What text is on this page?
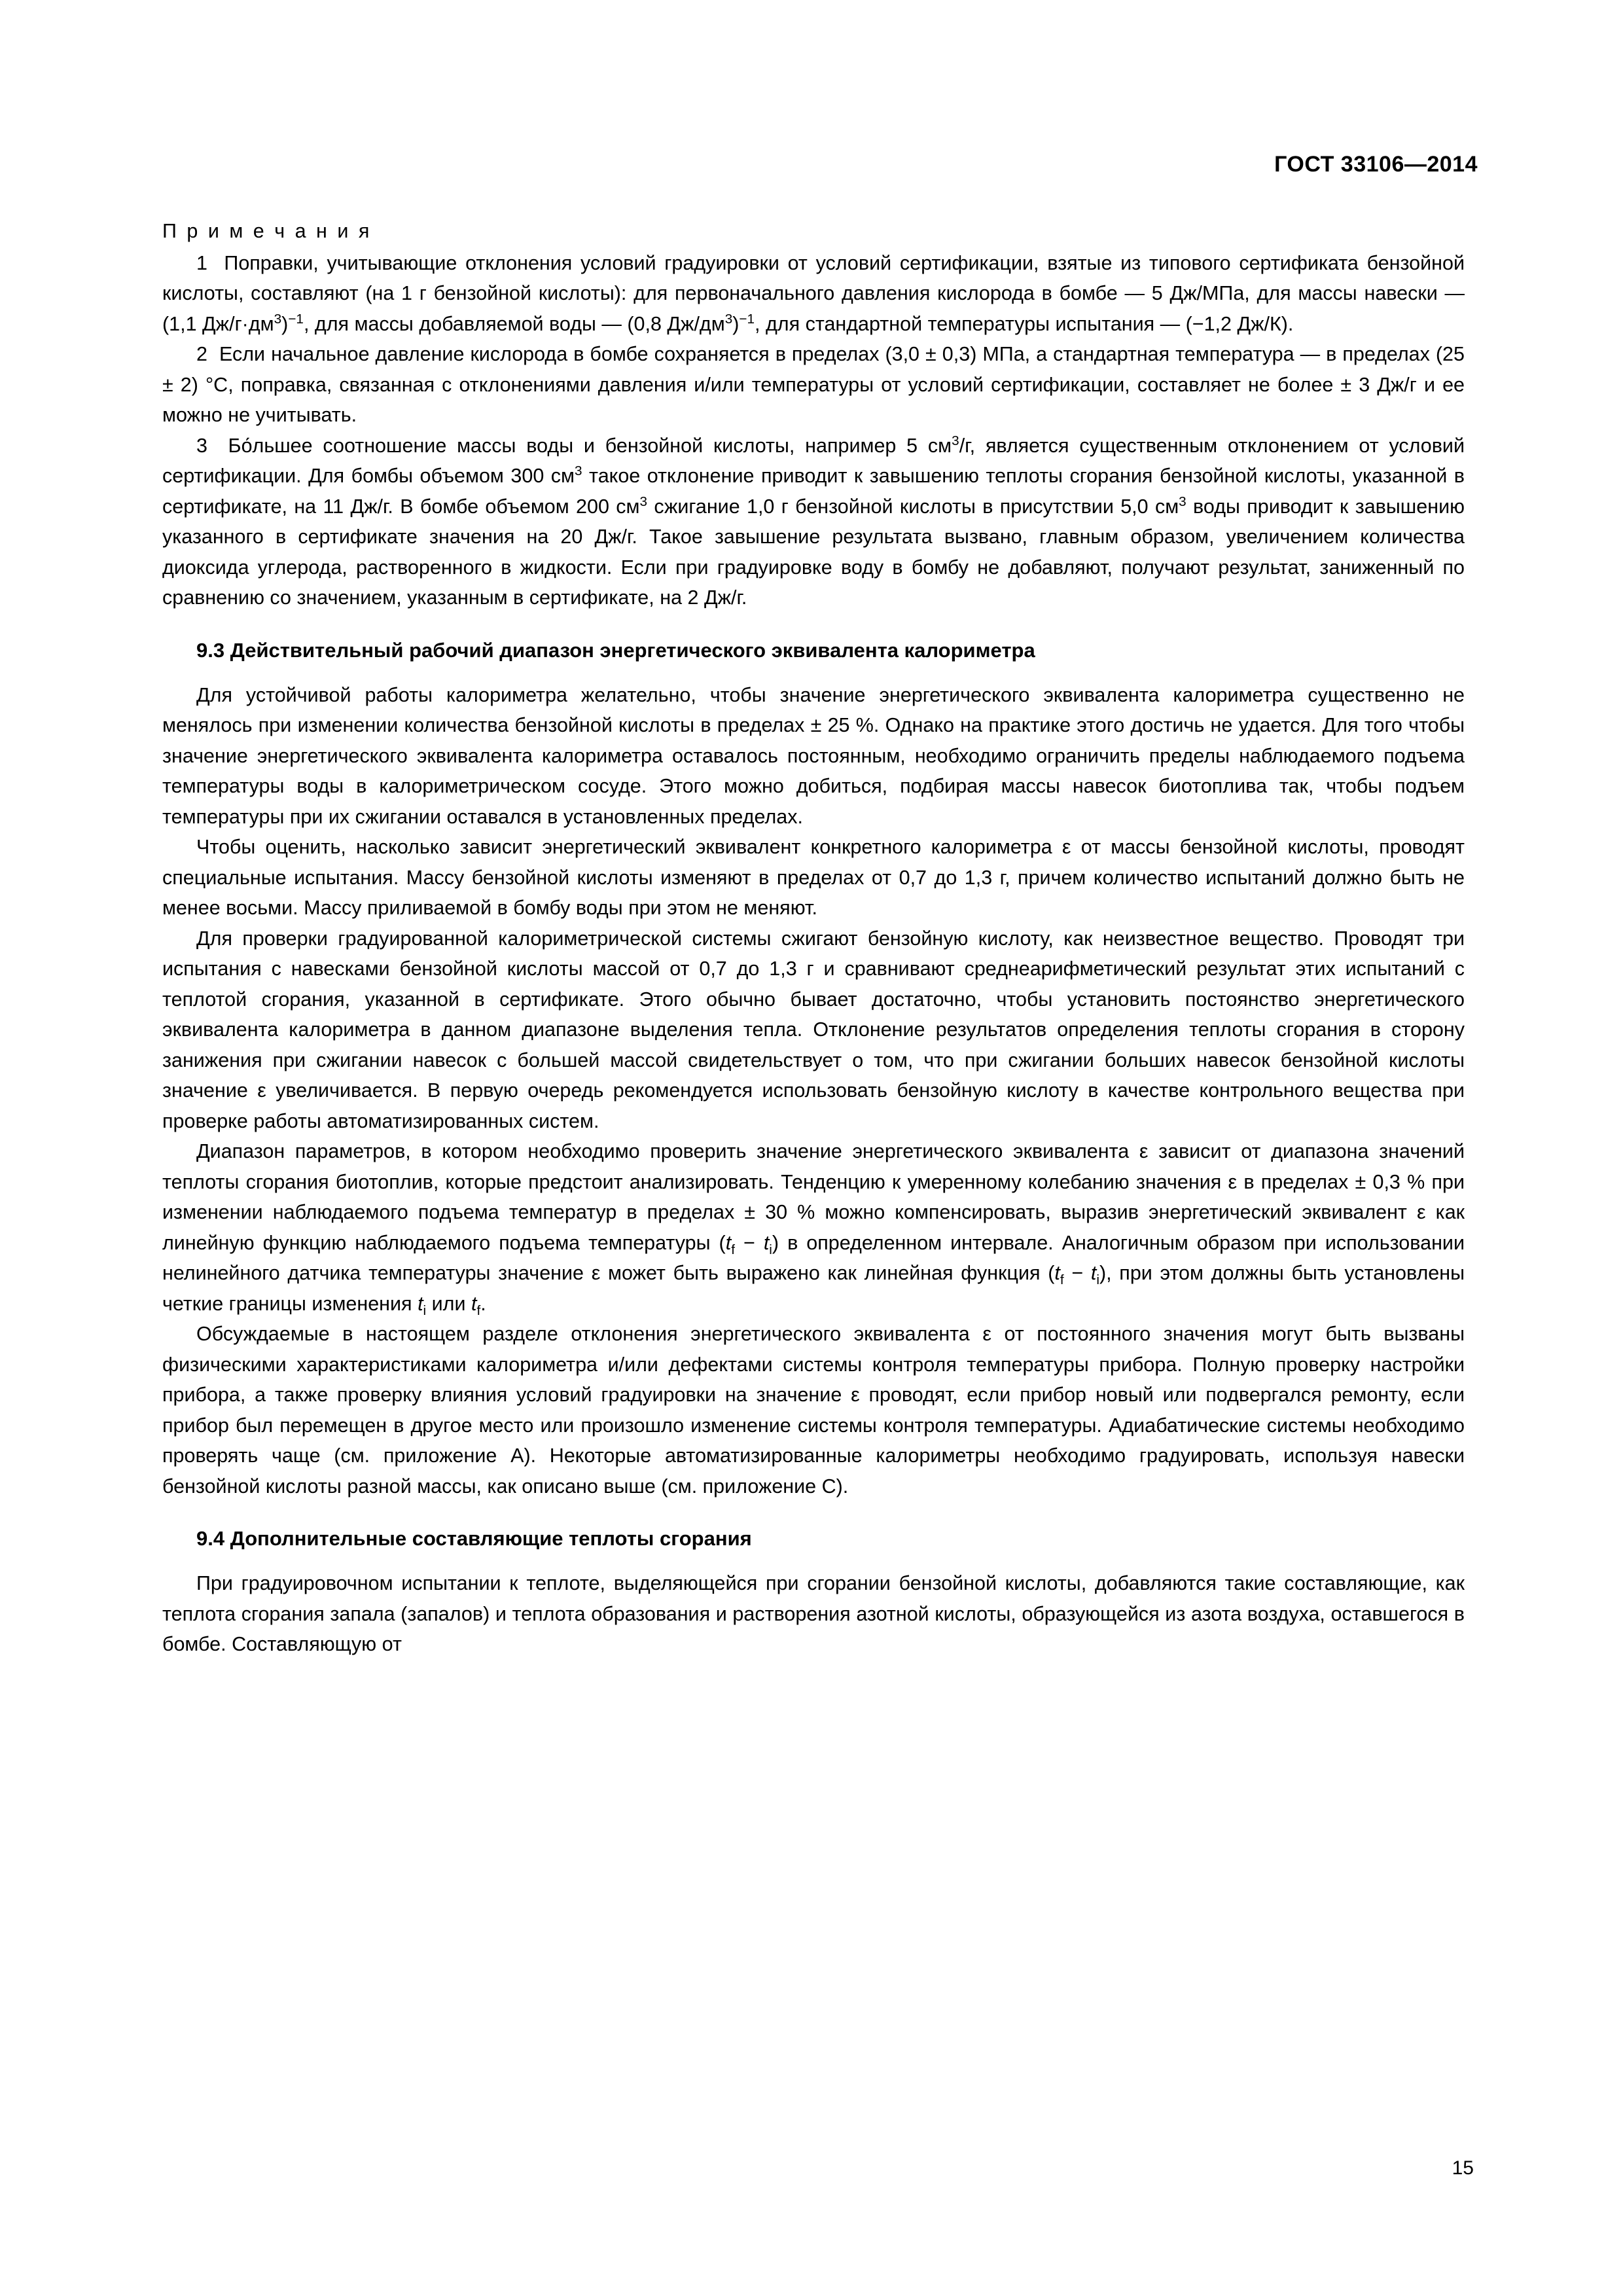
ГОСТ 33106—2014
П р и м е ч а н и я

1  Поправки, учитывающие отклонения условий градуировки от условий сертификации, взятые из типового сертификата бензойной кислоты, составляют (на 1 г бензойной кислоты): для первоначального давления кислорода в бомбе — 5 Дж/МПа, для массы навески — (1,1 $Дж/г\cdot дм^3)^{-1}$, для массы добавляемой воды — (0,8 $Дж/дм^3)^{-1}$, для стандартной температуры испытания — (−1,2 Дж/К).

2  Если начальное давление кислорода в бомбе сохраняется в пределах (3,0 ± 0,3) МПа, а стандартная температура — в пределах (25 ± 2) °С, поправка, связанная с отклонениями давления и/или температуры от условий сертификации, составляет не более ± 3 Дж/г и ее можно не учитывать.

3  Бо́льшее соотношение массы воды и бензойной кислоты, например 5 $см^3/г$, является существенным отклонением от условий сертификации. Для бомбы объемом 300 $см^3$ такое отклонение приводит к завышению теплоты сгорания бензойной кислоты, указанной в сертификате, на 11 Дж/г. В бомбе объемом 200 $см^3$ сжигание 1,0 г бензойной кислоты в присутствии 5,0 $см^3$ воды приводит к завышению указанного в сертификате значения на 20 Дж/г. Такое завышение результата вызвано, главным образом, увеличением количества диоксида углерода, растворенного в жидкости. Если при градуировке воду в бомбу не добавляют, получают результат, заниженный по сравнению со значением, указанным в сертификате, на 2 Дж/г.

9.3 Действительный рабочий диапазон энергетического эквивалента калориметра

Для устойчивой работы калориметра желательно, чтобы значение энергетического эквивалента калориметра существенно не менялось при изменении количества бензойной кислоты в пределах ± 25 %. Однако на практике этого достичь не удается. Для того чтобы значение энергетического эквивалента калориметра оставалось постоянным, необходимо ограничить пределы наблюдаемого подъема температуры воды в калориметрическом сосуде. Этого можно добиться, подбирая массы навесок биотоплива так, чтобы подъем температуры при их сжигании оставался в установленных пределах.

Чтобы оценить, насколько зависит энергетический эквивалент конкретного калориметра ε от массы бензойной кислоты, проводят специальные испытания. Массу бензойной кислоты изменяют в пределах от 0,7 до 1,3 г, причем количество испытаний должно быть не менее восьми. Массу приливаемой в бомбу воды при этом не меняют.

Для проверки градуированной калориметрической системы сжигают бензойную кислоту, как неизвестное вещество. Проводят три испытания с навесками бензойной кислоты массой от 0,7 до 1,3 г и сравнивают среднеарифметический результат этих испытаний с теплотой сгорания, указанной в сертификате. Этого обычно бывает достаточно, чтобы установить постоянство энергетического эквивалента калориметра в данном диапазоне выделения тепла. Отклонение результатов определения теплоты сгорания в сторону занижения при сжигании навесок с большей массой свидетельствует о том, что при сжигании больших навесок бензойной кислоты значение ε увеличивается. В первую очередь рекомендуется использовать бензойную кислоту в качестве контрольного вещества при проверке работы автоматизированных систем.

Диапазон параметров, в котором необходимо проверить значение энергетического эквивалента ε зависит от диапазона значений теплоты сгорания биотоплив, которые предстоит анализировать. Тенденцию к умеренному колебанию значения ε в пределах ± 0,3 % при изменении наблюдаемого подъема температур в пределах ± 30 % можно компенсировать, выразив энергетический эквивалент ε как линейную функцию наблюдаемого подъема температуры $(t_f - t_i)$ в определенном интервале. Аналогичным образом при использовании нелинейного датчика температуры значение ε может быть выражено как линейная функция $(t_f - t_i)$, при этом должны быть установлены четкие границы изменения $t_i$ или $t_f$.

Обсуждаемые в настоящем разделе отклонения энергетического эквивалента ε от постоянного значения могут быть вызваны физическими характеристиками калориметра и/или дефектами системы контроля температуры прибора. Полную проверку настройки прибора, а также проверку влияния условий градуировки на значение ε проводят, если прибор новый или подвергался ремонту, если прибор был перемещен в другое место или произошло изменение системы контроля температуры. Адиабатические системы необходимо проверять чаще (см. приложение А). Некоторые автоматизированные калориметры необходимо градуировать, используя навески бензойной кислоты разной массы, как описано выше (см. приложение С).

9.4 Дополнительные составляющие теплоты сгорания

При градуировочном испытании к теплоте, выделяющейся при сгорании бензойной кислоты, добавляются такие составляющие, как теплота сгорания запала (запалов) и теплота образования и растворения азотной кислоты, образующейся из азота воздуха, оставшегося в бомбе. Составляющую от

15
